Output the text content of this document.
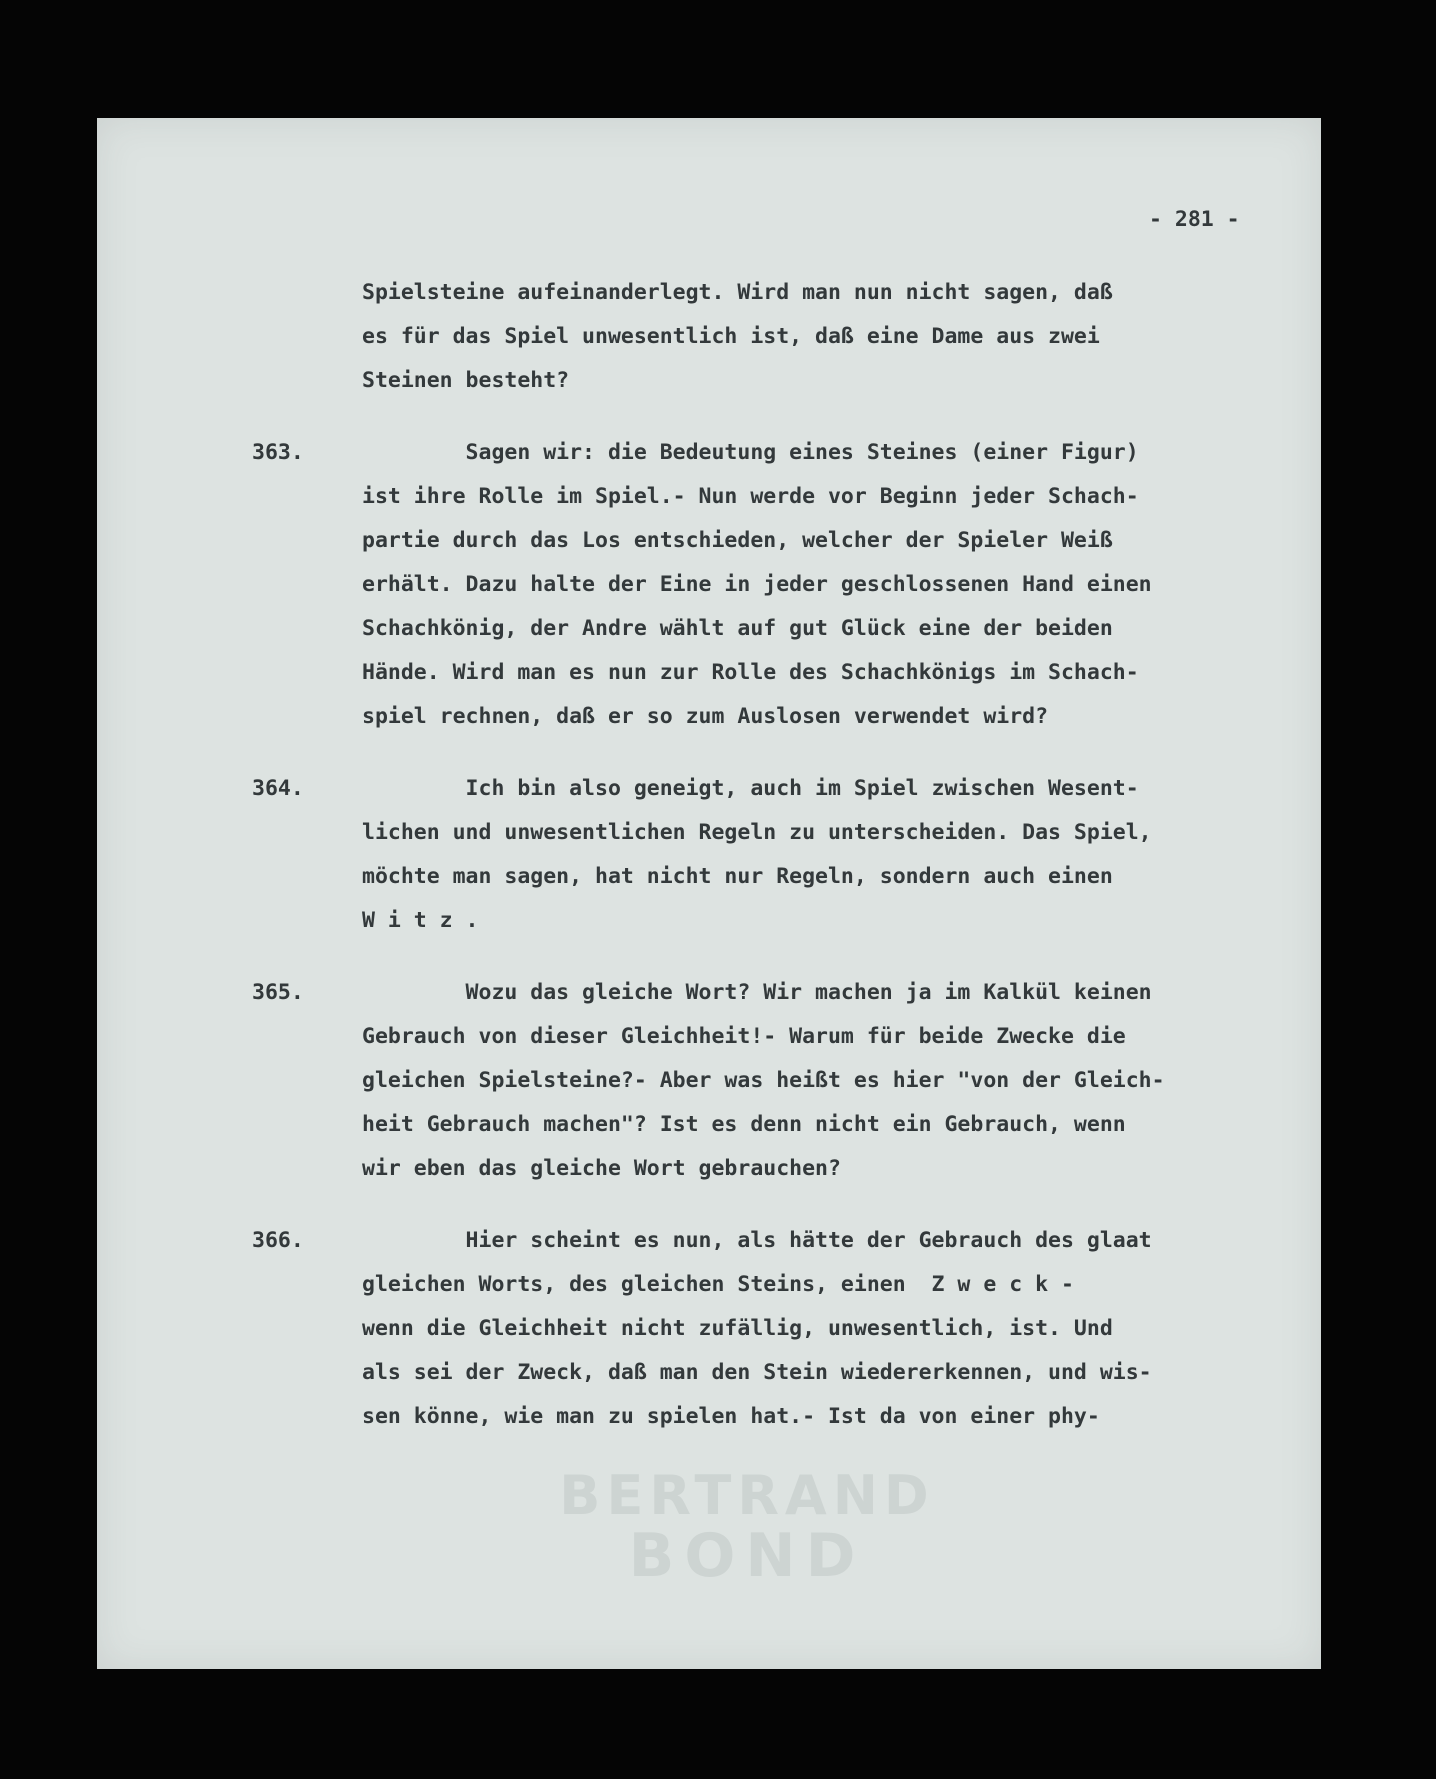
BERTRAND
BOND
- 281 -
Spielsteine aufeinanderlegt. Wird man nun nicht sagen, daß
es für das Spiel unwesentlich ist, daß eine Dame aus zwei
Steinen besteht?
363.	Sagen wir: die Bedeutung eines Steines (einer Figur)
ist ihre Rolle im Spiel.- Nun werde vor Beginn jeder Schach-
partie durch das Los entschieden, welcher der Spieler Weiß
erhält. Dazu halte der Eine in jeder geschlossenen Hand einen
Schachkönig, der Andre wählt auf gut Glück eine der beiden
Hände. Wird man es nun zur Rolle des Schachkönigs im Schach-
spiel rechnen, daß er so zum Auslosen verwendet wird?
364.	Ich bin also geneigt, auch im Spiel zwischen Wesent-
lichen und unwesentlichen Regeln zu unterscheiden. Das Spiel,
möchte man sagen, hat nicht nur Regeln, sondern auch einen
W i t z .
365.	Wozu das gleiche Wort? Wir machen ja im Kalkül keinen
Gebrauch von dieser Gleichheit!- Warum für beide Zwecke die
gleichen Spielsteine?- Aber was heißt es hier "von der Gleich-
heit Gebrauch machen"? Ist es denn nicht ein Gebrauch, wenn
wir eben das gleiche Wort gebrauchen?
366.	Hier scheint es nun, als hätte der Gebrauch des glaat
gleichen Worts, des gleichen Steins, einen  Z w e c k -
wenn die Gleichheit nicht zufällig, unwesentlich, ist. Und
als sei der Zweck, daß man den Stein wiedererkennen, und wis-
sen könne, wie man zu spielen hat.- Ist da von einer phy-
